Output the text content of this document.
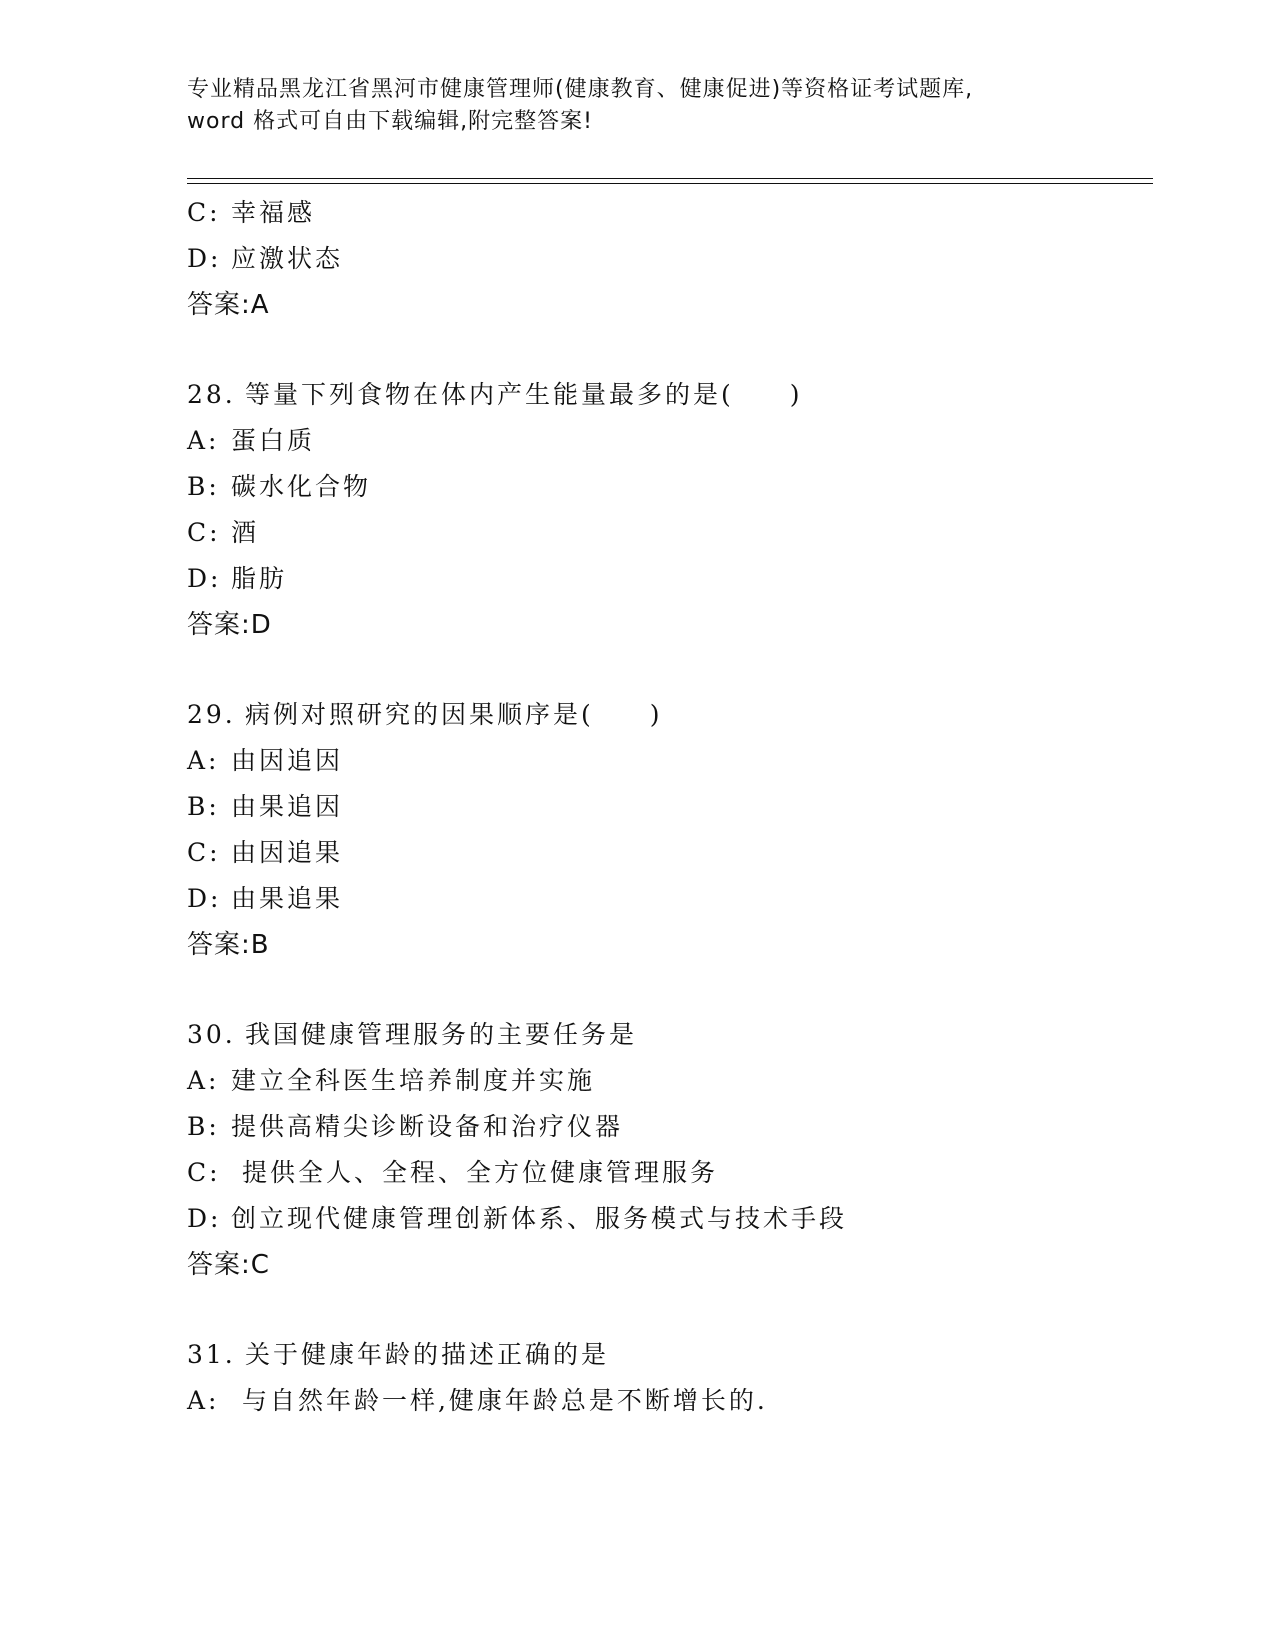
专业精品黑龙江省黑河市健康管理师(健康教育、健康促进)等资格证考试题库,
word 格式可自由下载编辑,附完整答案!
C: 幸福感
D: 应激状态
答案:A
28. 等量下列食物在体内产生能量最多的是(　　)
A: 蛋白质
B: 碳水化合物
C: 酒
D: 脂肪
答案:D
29. 病例对照研究的因果顺序是(　　)
A: 由因追因
B: 由果追因
C: 由因追果
D: 由果追果
答案:B
30. 我国健康管理服务的主要任务是
A: 建立全科医生培养制度并实施
B: 提供高精尖诊断设备和治疗仪器
C: 提供全人、全程、全方位健康管理服务
D: 创立现代健康管理创新体系、服务模式与技术手段
答案:C
31. 关于健康年龄的描述正确的是
A: 与自然年龄一样,健康年龄总是不断增长的.
